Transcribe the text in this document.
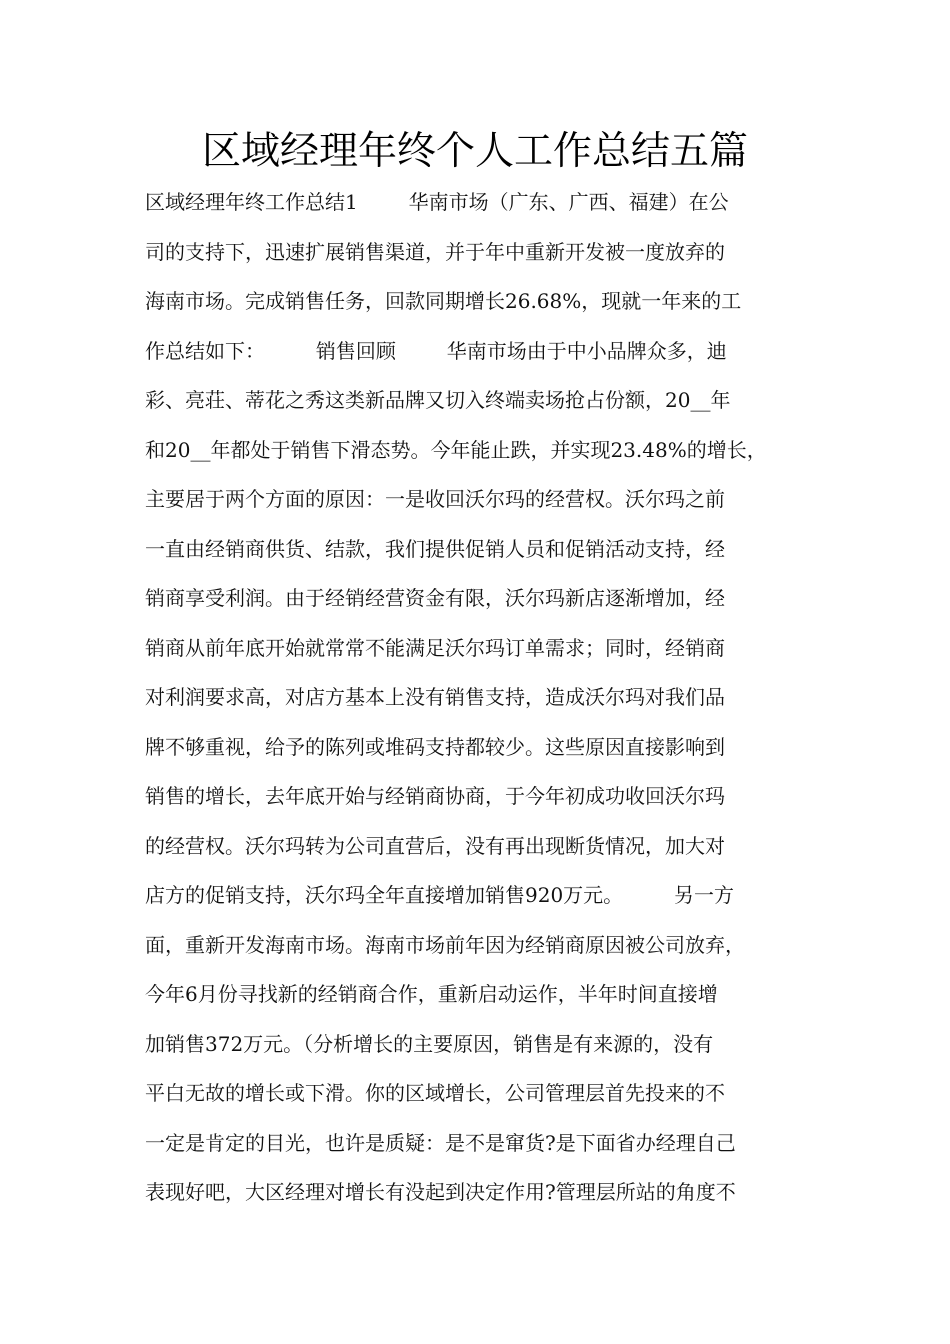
区域经理年终个人工作总结五篇
区域经理年终工作总结1        华南市场（广东、广西、福建）在公
司的支持下，迅速扩展销售渠道，并于年中重新开发被一度放弃的
海南市场。完成销售任务，回款同期增长26.68%，现就一年来的工
作总结如下：        销售回顾        华南市场由于中小品牌众多，迪
彩、亮荘、蒂花之秀这类新品牌又切入终端卖场抢占份额，20__年
和20__年都处于销售下滑态势。今年能止跌，并实现23.48%的增长，
主要居于两个方面的原因：一是收回沃尔玛的经营权。沃尔玛之前
一直由经销商供货、结款，我们提供促销人员和促销活动支持，经
销商享受利润。由于经销经营资金有限，沃尔玛新店逐渐增加，经
销商从前年底开始就常常不能满足沃尔玛订单需求；同时，经销商
对利润要求高，对店方基本上没有销售支持，造成沃尔玛对我们品
牌不够重视，给予的陈列或堆码支持都较少。这些原因直接影响到
销售的增长，去年底开始与经销商协商，于今年初成功收回沃尔玛
的经营权。沃尔玛转为公司直营后，没有再出现断货情况，加大对
店方的促销支持，沃尔玛全年直接增加销售920万元。        另一方
面，重新开发海南市场。海南市场前年因为经销商原因被公司放弃，
今年6月份寻找新的经销商合作，重新启动运作，半年时间直接增
加销售372万元。（分析增长的主要原因，销售是有来源的，没有
平白无故的增长或下滑。你的区域增长，公司管理层首先投来的不
一定是肯定的目光，也许是质疑：是不是窜货?是下面省办经理自己
表现好吧，大区经理对增长有没起到决定作用?管理层所站的角度不
